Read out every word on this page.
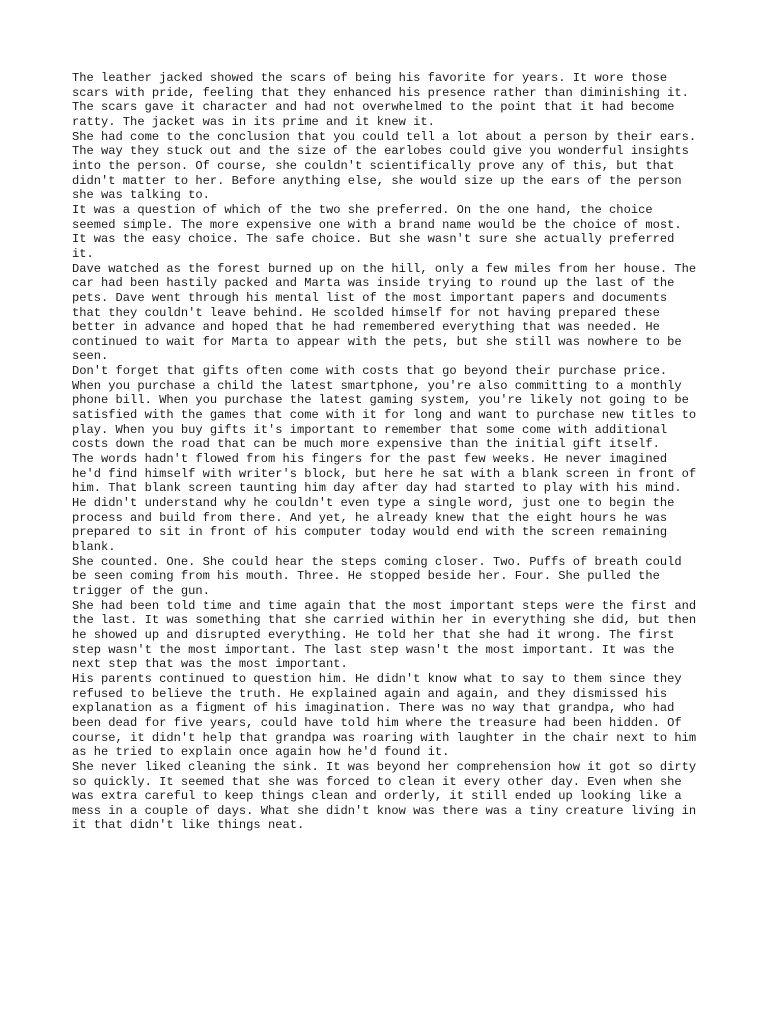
The leather jacked showed the scars of being his favorite for years. It wore those scars with pride, feeling that they enhanced his presence rather than diminishing it. The scars gave it character and had not overwhelmed to the point that it had become ratty. The jacket was in its prime and it knew it.

She had come to the conclusion that you could tell a lot about a person by their ears. The way they stuck out and the size of the earlobes could give you wonderful insights into the person. Of course, she couldn't scientifically prove any of this, but that didn't matter to her. Before anything else, she would size up the ears of the person she was talking to.

It was a question of which of the two she preferred. On the one hand, the choice seemed simple. The more expensive one with a brand name would be the choice of most. It was the easy choice. The safe choice. But she wasn't sure she actually preferred it.

Dave watched as the forest burned up on the hill, only a few miles from her house. The car had been hastily packed and Marta was inside trying to round up the last of the pets. Dave went through his mental list of the most important papers and documents that they couldn't leave behind. He scolded himself for not having prepared these better in advance and hoped that he had remembered everything that was needed. He continued to wait for Marta to appear with the pets, but she still was nowhere to be seen.

Don't forget that gifts often come with costs that go beyond their purchase price. When you purchase a child the latest smartphone, you're also committing to a monthly phone bill. When you purchase the latest gaming system, you're likely not going to be satisfied with the games that come with it for long and want to purchase new titles to play. When you buy gifts it's important to remember that some come with additional costs down the road that can be much more expensive than the initial gift itself.

The words hadn't flowed from his fingers for the past few weeks. He never imagined he'd find himself with writer's block, but here he sat with a blank screen in front of him. That blank screen taunting him day after day had started to play with his mind. He didn't understand why he couldn't even type a single word, just one to begin the process and build from there. And yet, he already knew that the eight hours he was prepared to sit in front of his computer today would end with the screen remaining blank.

She counted. One. She could hear the steps coming closer. Two. Puffs of breath could be seen coming from his mouth. Three. He stopped beside her. Four. She pulled the trigger of the gun.

She had been told time and time again that the most important steps were the first and the last. It was something that she carried within her in everything she did, but then he showed up and disrupted everything. He told her that she had it wrong. The first step wasn't the most important. The last step wasn't the most important. It was the next step that was the most important.

His parents continued to question him. He didn't know what to say to them since they refused to believe the truth. He explained again and again, and they dismissed his explanation as a figment of his imagination. There was no way that grandpa, who had been dead for five years, could have told him where the treasure had been hidden. Of course, it didn't help that grandpa was roaring with laughter in the chair next to him as he tried to explain once again how he'd found it.

She never liked cleaning the sink. It was beyond her comprehension how it got so dirty so quickly. It seemed that she was forced to clean it every other day. Even when she was extra careful to keep things clean and orderly, it still ended up looking like a mess in a couple of days. What she didn't know was there was a tiny creature living in it that didn't like things neat.
